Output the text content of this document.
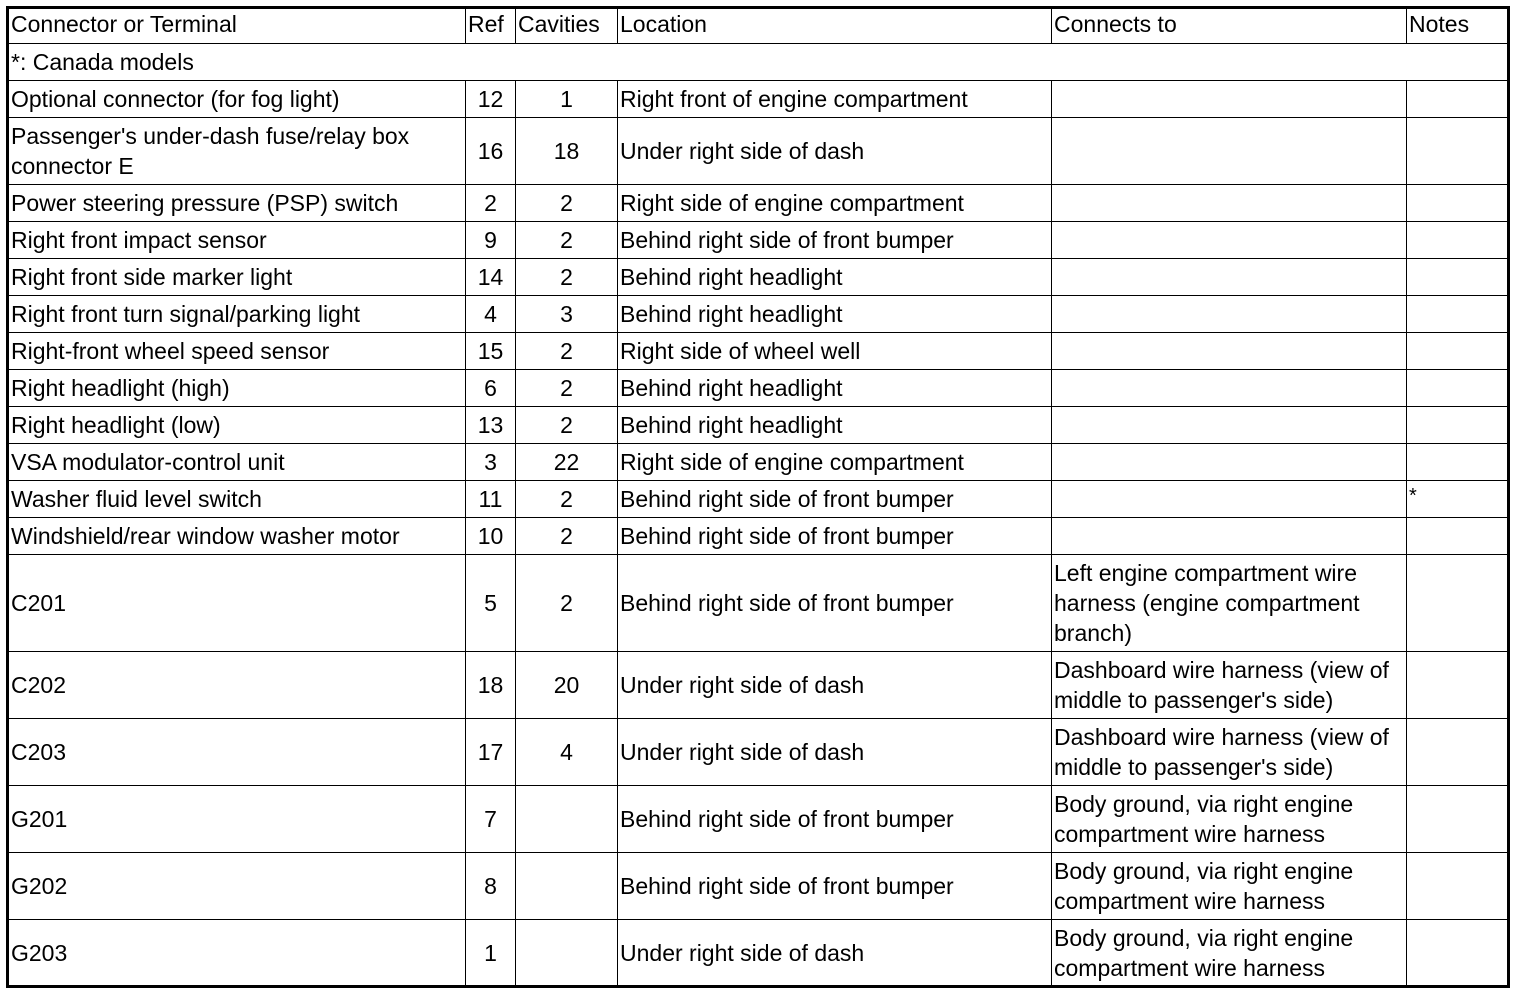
Connector or Terminal	Ref	Cavities	Location	Connects to	Notes
*: Canada models					
Optional connector (for fog light)	12	1	Right front of engine compartment		
Passenger's under-dash fuse/relay box connector E	16	18	Under right side of dash		
Power steering pressure (PSP) switch	2	2	Right side of engine compartment		
Right front impact sensor	9	2	Behind right side of front bumper		
Right front side marker light	14	2	Behind right headlight		
Right front turn signal/parking light	4	3	Behind right headlight		
Right-front wheel speed sensor	15	2	Right side of wheel well		
Right headlight (high)	6	2	Behind right headlight		
Right headlight (low)	13	2	Behind right headlight		
VSA modulator-control unit	3	22	Right side of engine compartment		
Washer fluid level switch	11	2	Behind right side of front bumper		*
Windshield/rear window washer motor	10	2	Behind right side of front bumper		
C201	5	2	Behind right side of front bumper	Left engine compartment wire harness (engine compartment branch)	
C202	18	20	Under right side of dash	Dashboard wire harness (view of middle to passenger's side)	
C203	17	4	Under right side of dash	Dashboard wire harness (view of middle to passenger's side)	
G201	7		Behind right side of front bumper	Body ground, via right engine compartment wire harness	
G202	8		Behind right side of front bumper	Body ground, via right engine compartment wire harness	
G203	1		Under right side of dash	Body ground, via right engine compartment wire harness	
